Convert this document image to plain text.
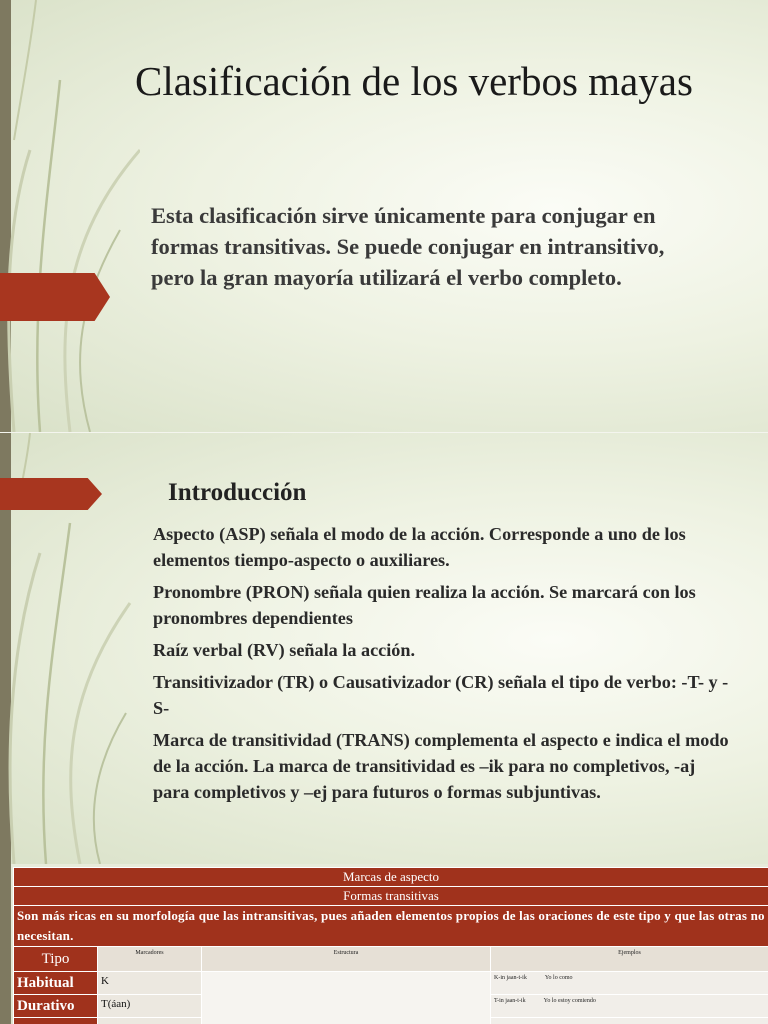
Clasificación de los verbos mayas

Esta clasificación sirve únicamente para conjugar en formas transitivas. Se puede conjugar en intransitivo, pero la gran mayoría utilizará el verbo completo.

Introducción
Aspecto (ASP) señala el modo de la acción. Corresponde a uno de los elementos tiempo-aspecto o auxiliares.
Pronombre (PRON) señala quien realiza la acción. Se marcará con los pronombres dependientes
Raíz verbal (RV) señala la acción.
Transitivizador (TR) o Causativizador (CR) señala el tipo de verbo: -T- y -S-
Marca de transitividad (TRANS) complementa el aspecto e indica el modo de la acción. La marca de transitividad es –ik para no completivos, -aj para completivos y –ej para futuros o formas subjuntivas.
Marcas de aspecto			
Formas transitivas			
Son más ricas en su morfología que las intransitivas, pues añaden elementos propios de las oraciones de este tipo y que las otras no necesitan.			
Tipo	Marcadores	Estructura	Ejemplos
Habitual	K		K-in jaan-t-ik Yo lo como
Durativo	T(áan)		T-in jaan-t-ik Yo lo estoy comiendo
